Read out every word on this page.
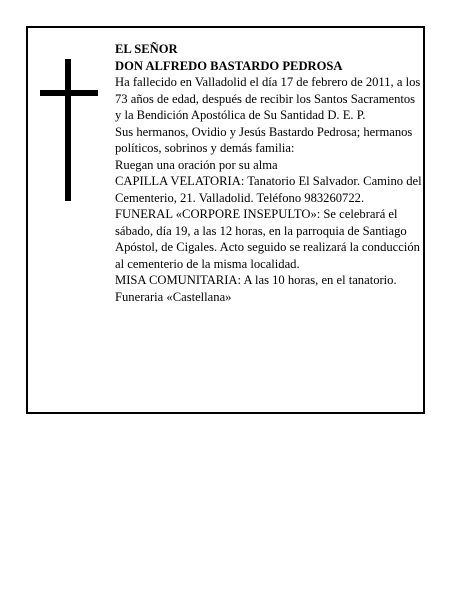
EL SEÑOR

DON ALFREDO BASTARDO PEDROSA

Ha fallecido en Valladolid el día 17 de febrero de 2011, a los 73 años de edad, después de recibir los Santos Sacramentos y la Bendición Apostólica de Su Santidad D. E. P.

Sus hermanos, Ovidio y Jesús Bastardo Pedrosa; hermanos políticos, sobrinos y demás familia:

Ruegan una oración por su alma

CAPILLA VELATORIA: Tanatorio El Salvador. Camino del Cementerio, 21. Valladolid. Teléfono 983260722.

FUNERAL «CORPORE INSEPULTO»: Se celebrará el sábado, día 19, a las 12 horas, en la parroquia de Santiago Apóstol, de Cigales. Acto seguido se realizará la conducción al cementerio de la misma localidad.

MISA COMUNITARIA: A las 10 horas, en el tanatorio.

Funeraria «Castellana»
